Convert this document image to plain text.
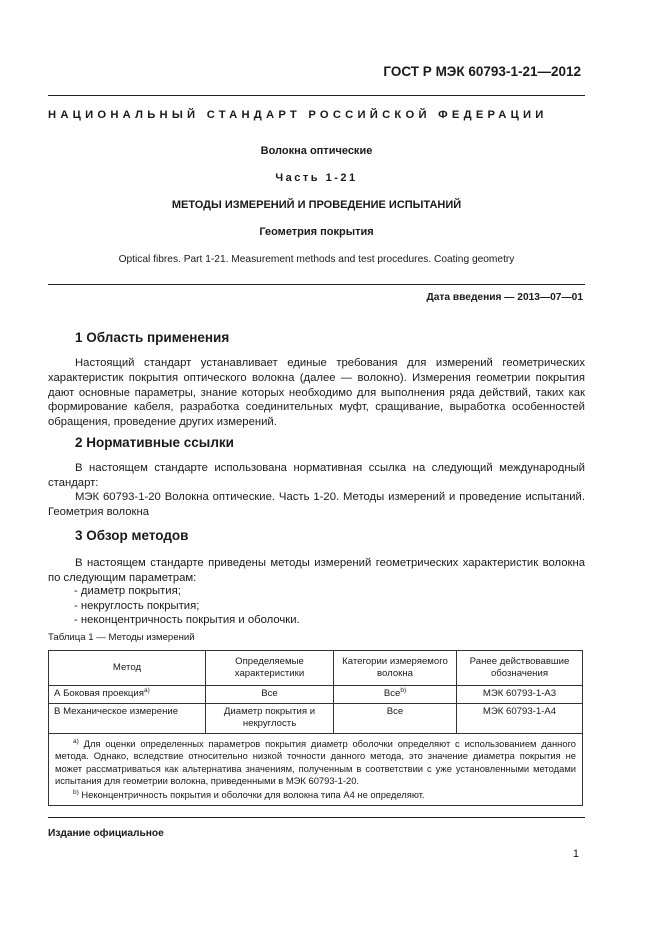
ГОСТ Р МЭК 60793-1-21—2012
НАЦИОНАЛЬНЫЙ СТАНДАРТ РОССИЙСКОЙ ФЕДЕРАЦИИ
Волокна оптические
Часть 1-21
МЕТОДЫ ИЗМЕРЕНИЙ И ПРОВЕДЕНИЕ ИСПЫТАНИЙ
Геометрия покрытия
Optical fibres. Part 1-21. Measurement methods and test procedures. Coating geometry
Дата введения — 2013—07—01
1 Область применения
Настоящий стандарт устанавливает единые требования для измерений геометрических характеристик покрытия оптического волокна (далее — волокно). Измерения геометрии покрытия дают основные параметры, знание которых необходимо для выполнения ряда действий, таких как формирование кабеля, разработка соединительных муфт, сращивание, выработка особенностей обращения, проведение других измерений.
2 Нормативные ссылки
В настоящем стандарте использована нормативная ссылка на следующий международный стандарт:
МЭК 60793-1-20 Волокна оптические. Часть 1-20. Методы измерений и проведение испытаний. Геометрия волокна
3 Обзор методов
В настоящем стандарте приведены методы измерений геометрических характеристик волокна по следующим параметрам:
- диаметр покрытия;
- некруглость покрытия;
- неконцентричность покрытия и оболочки.
Таблица 1 — Методы измерений
Метод	Определяемые характеристики	Категории измеряемого волокна	Ранее действовавшие обозначения
А Боковая проекция$^{а)}$	Все	Все$^{b)}$	МЭК 60793-1-А3
В Механическое измерение	Диаметр покрытия и некруглость	Все	МЭК 60793-1-А4

$^{а)}$ Для оценки определенных параметров покрытия диаметр оболочки определяют с использованием данного метода. Однако, вследствие относительно низкой точности данного метода, это значение диаметра покрытия не может рассматриваться как альтернатива значениям, полученным в соответствии с уже установленными методами испытания для геометрии волокна, приведенными в МЭК 60793-1-20.
$^{b)}$ Неконцентричность покрытия и оболочки для волокна типа А4 не определяют.			
Издание официальное
1
